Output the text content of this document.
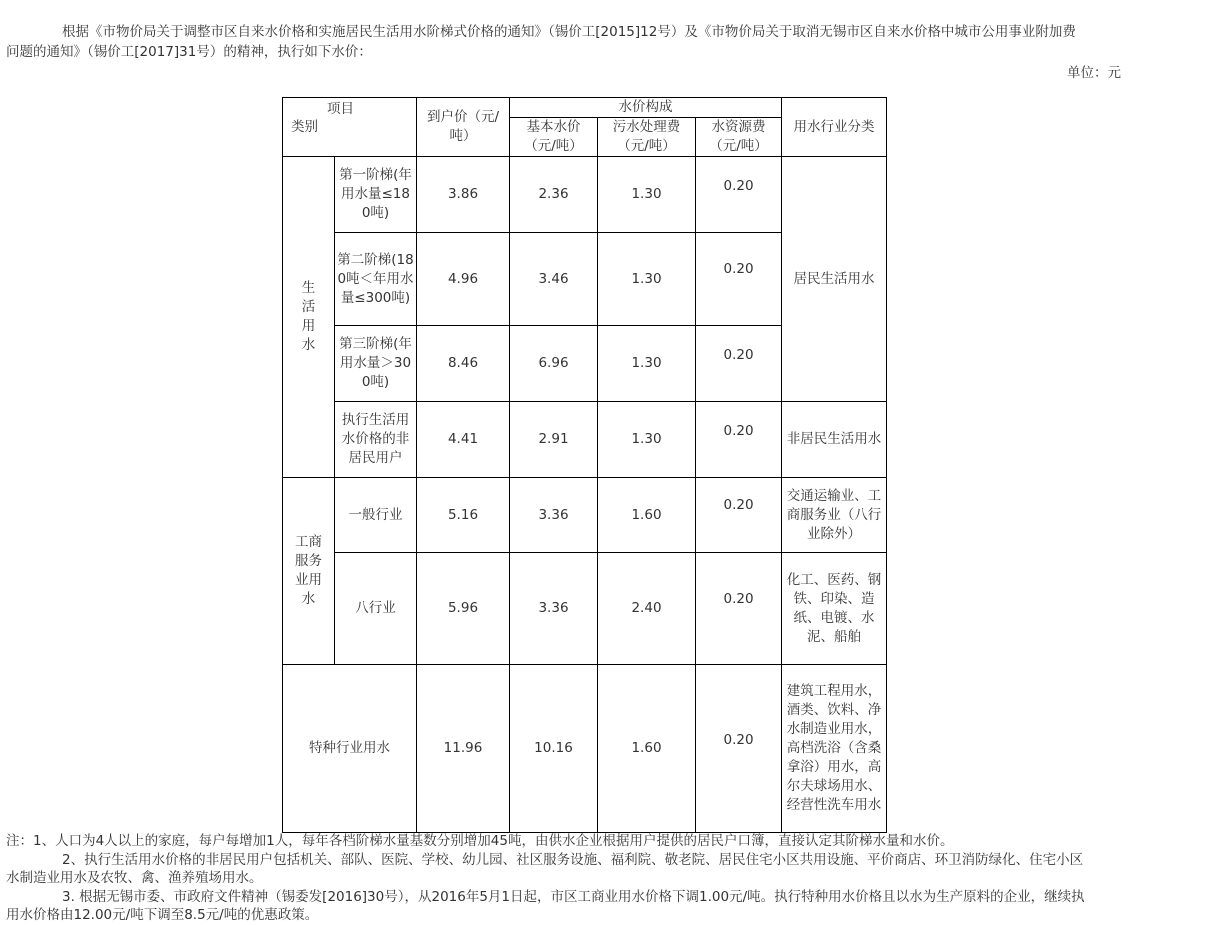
根据《市物价局关于调整市区自来水价格和实施居民生活用水阶梯式价格的通知》（锡价工[2015]12号）及《市物价局关于取消无锡市区自来水价格中城市公用事业附加费
问题的通知》（锡价工[2017]31号）的精神，执行如下水价：
单位：元
项目
类别		到户价（元/吨）	水价构成			用水行业分类
			基本水价（元/吨）	污水处理费（元/吨）	水资源费（元/吨）	
生活用水	第一阶梯(年用水量≤180吨)	3.86	2.36	1.30	0.20	居民生活用水
	第二阶梯(180吨＜年用水量≤300吨)	4.96	3.46	1.30	0.20	
	第三阶梯(年用水量＞300吨)	8.46	6.96	1.30	0.20	
	执行生活用水价格的非居民用户	4.41	2.91	1.30	0.20	非居民生活用水
工商服务业用水	一般行业	5.16	3.36	1.60	0.20	交通运输业、工商服务业（八行业除外）
	八行业	5.96	3.36	2.40	0.20	化工、医药、钢铁、印染、造纸、电镀、水泥、船舶
特种行业用水		11.96	10.16	1.60	0.20	建筑工程用水，酒类、饮料、净水制造业用水，高档洗浴（含桑拿浴）用水，高尔夫球场用水、经营性洗车用水
注：1、人口为4人以上的家庭，每户每增加1人，每年各档阶梯水量基数分别增加45吨，由供水企业根据用户提供的居民户口簿，直接认定其阶梯水量和水价。
2、执行生活用水价格的非居民用户包括机关、部队、医院、学校、幼儿园、社区服务设施、福利院、敬老院、居民住宅小区共用设施、平价商店、环卫消防绿化、住宅小区
水制造业用水及农牧、禽、渔养殖场用水。
3. 根据无锡市委、市政府文件精神（锡委发[2016]30号），从2016年5月1日起，市区工商业用水价格下调1.00元/吨。执行特种用水价格且以水为生产原料的企业，继续执
用水价格由12.00元/吨下调至8.5元/吨的优惠政策。
